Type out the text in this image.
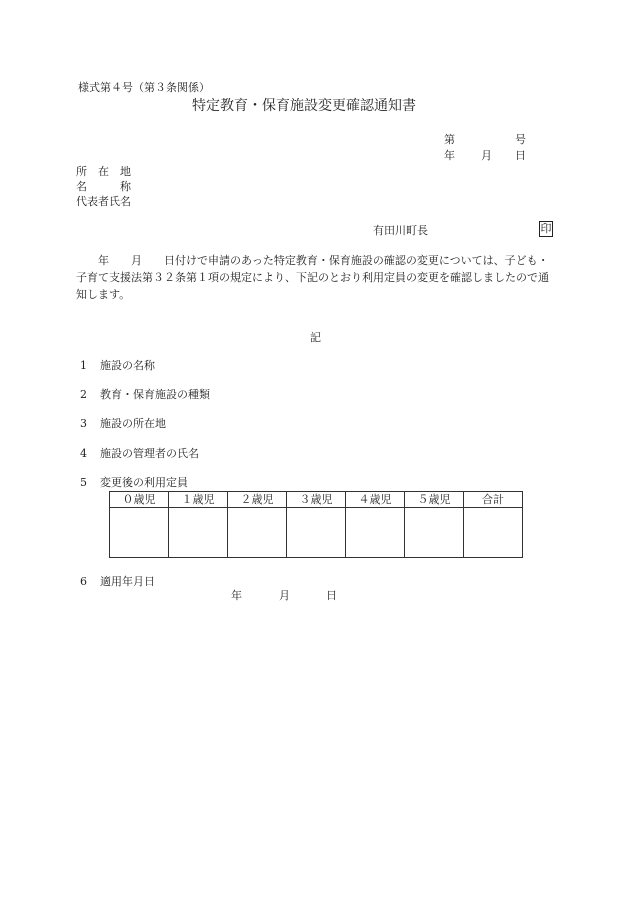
様式第４号（第３条関係）
特定教育・保育施設変更確認通知書
第	号
年 月 日
所　在　地
名　　　称
代表者氏名
有田川町長	印
　　年　　月　　日付けで申請のあった特定教育・保育施設の確認の変更については、子ども・子育て支援法第３２条第１項の規定により、下記のとおり利用定員の変更を確認しましたので通知します。
記
1 施設の名称
2 教育・保育施設の種類
3 施設の所在地
4 施設の管理者の氏名
5 変更後の利用定員
０歳児	１歳児	２歳児	３歳児	４歳児	５歳児	合計

6 適用年月日
年	月	日
